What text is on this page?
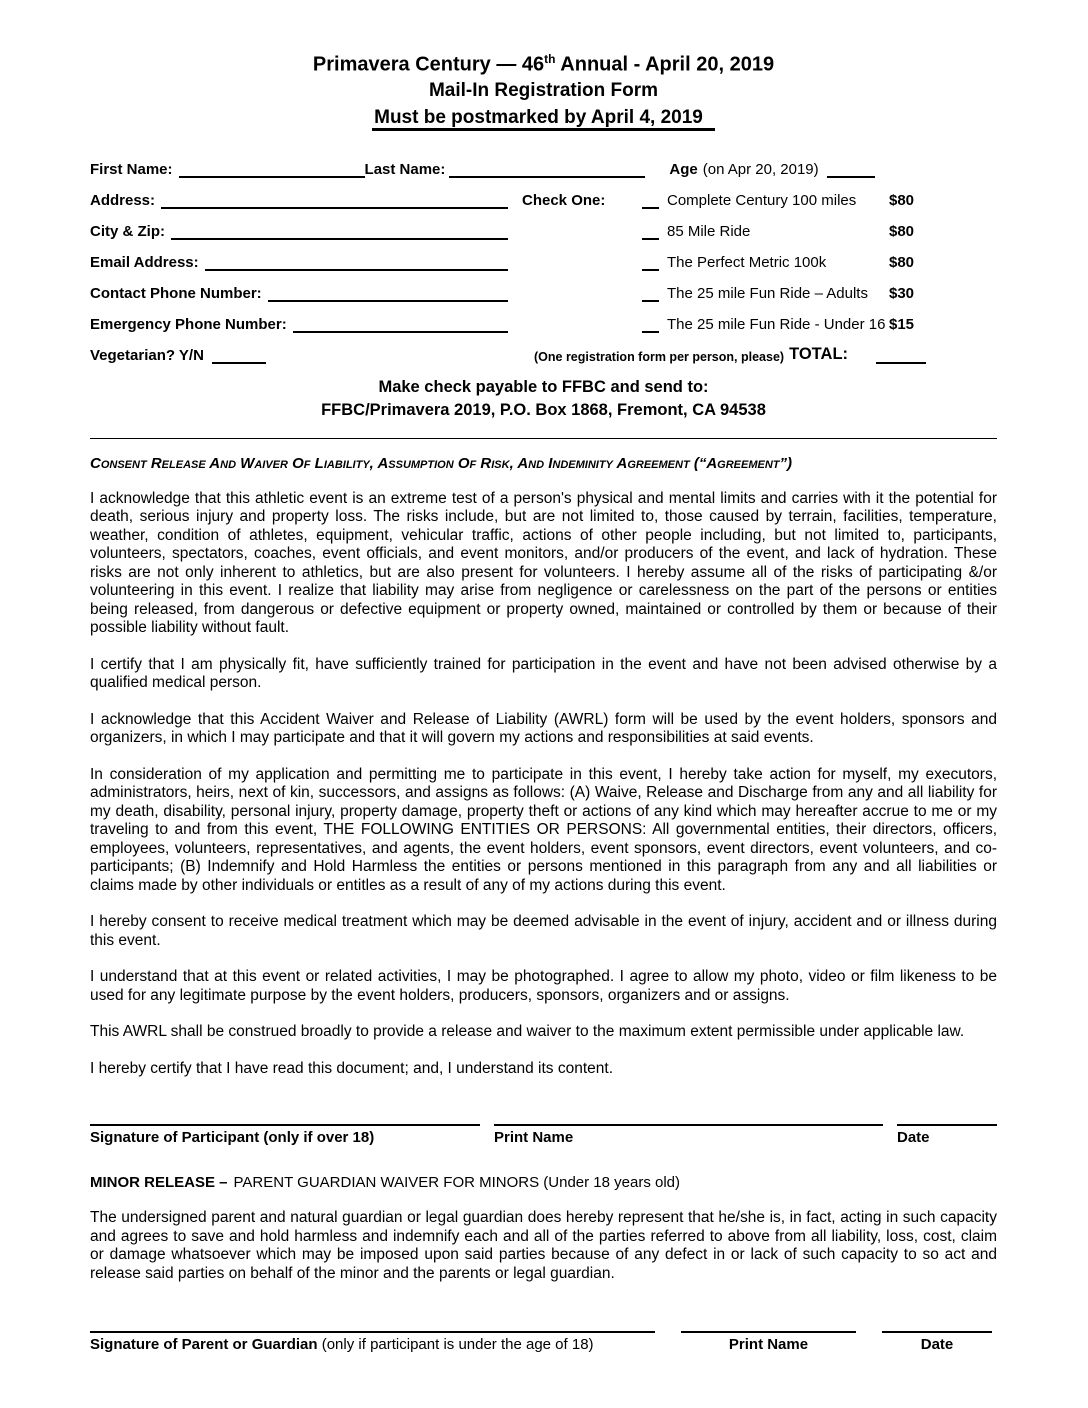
Primavera Century — 46th Annual - April 20, 2019
Mail-In Registration Form
Must be postmarked by April 4, 2019
First Name:	Last Name:	Age (on Apr 20, 2019)
Address:	Check One:	Complete Century 100 miles $80
City & Zip:	85 Mile Ride	$80
Email Address:	The Perfect Metric 100k	$80
Contact Phone Number:	The 25 mile Fun Ride – Adults $30
Emergency Phone Number:	The 25 mile Fun Ride - Under 16 $15
Vegetarian? Y/N	(One registration form per person, please) TOTAL:
Make check payable to FFBC and send to:
FFBC/Primavera 2019, P.O. Box 1868, Fremont, CA 94538
Consent Release And Waiver Of Liability, Assumption Of Risk, And Indeminity Agreement (“Agreement”)

I acknowledge that this athletic event is an extreme test of a person's physical and mental limits and carries with it the potential for death, serious injury and property loss. The risks include, but are not limited to, those caused by terrain, facilities, temperature, weather, condition of athletes, equipment, vehicular traffic, actions of other people including, but not limited to, participants, volunteers, spectators, coaches, event officials, and event monitors, and/or producers of the event, and lack of hydration. These risks are not only inherent to athletics, but are also present for volunteers. I hereby assume all of the risks of participating &/or volunteering in this event. I realize that liability may arise from negligence or carelessness on the part of the persons or entities being released, from dangerous or defective equipment or property owned, maintained or controlled by them or because of their possible liability without fault.

I certify that I am physically fit, have sufficiently trained for participation in the event and have not been advised otherwise by a qualified medical person.

I acknowledge that this Accident Waiver and Release of Liability (AWRL) form will be used by the event holders, sponsors and organizers, in which I may participate and that it will govern my actions and responsibilities at said events.

In consideration of my application and permitting me to participate in this event, I hereby take action for myself, my executors, administrators, heirs, next of kin, successors, and assigns as follows: (A) Waive, Release and Discharge from any and all liability for my death, disability, personal injury, property damage, property theft or actions of any kind which may hereafter accrue to me or my traveling to and from this event, THE FOLLOWING ENTITIES OR PERSONS: All governmental entities, their directors, officers, employees, volunteers, representatives, and agents, the event holders, event sponsors, event directors, event volunteers, and co-participants; (B) Indemnify and Hold Harmless the entities or persons mentioned in this paragraph from any and all liabilities or claims made by other individuals or entitles as a result of any of my actions during this event.

I hereby consent to receive medical treatment which may be deemed advisable in the event of injury, accident and or illness during this event.

I understand that at this event or related activities, I may be photographed. I agree to allow my photo, video or film likeness to be used for any legitimate purpose by the event holders, producers, sponsors, organizers and or assigns.

This AWRL shall be construed broadly to provide a release and waiver to the maximum extent permissible under applicable law.

I hereby certify that I have read this document; and, I understand its content.

Signature of Participant (only if over 18)	Print Name	Date
MINOR RELEASE – PARENT GUARDIAN WAIVER FOR MINORS (Under 18 years old)

The undersigned parent and natural guardian or legal guardian does hereby represent that he/she is, in fact, acting in such capacity and agrees to save and hold harmless and indemnify each and all of the parties referred to above from all liability, loss, cost, claim or damage whatsoever which may be imposed upon said parties because of any defect in or lack of such capacity to so act and release said parties on behalf of the minor and the parents or legal guardian.

Signature of Parent or Guardian (only if participant is under the age of 18)	Print Name	Date
